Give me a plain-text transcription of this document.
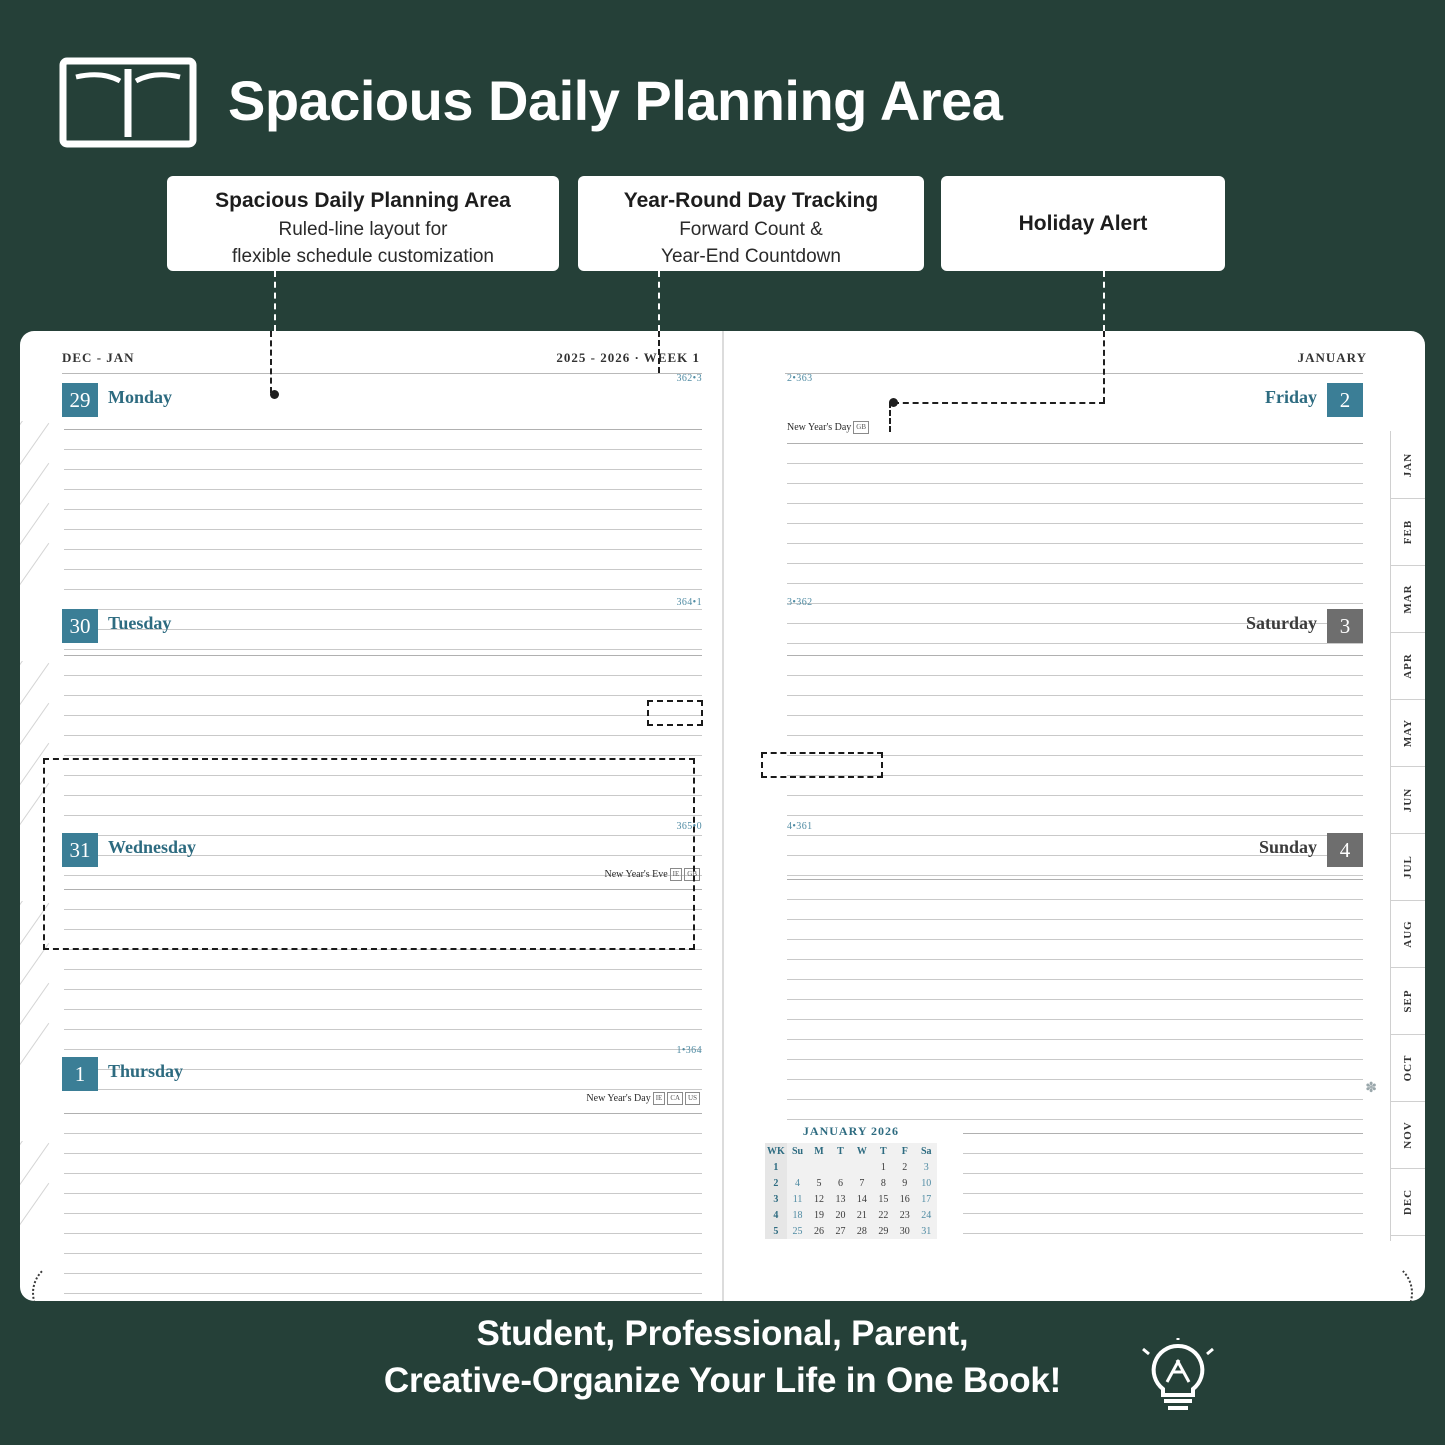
Spacious Daily Planning Area
Spacious Daily Planning Area
Ruled-line layout for
flexible schedule customization
Year-Round Day Tracking
Forward Count &
Year-End Countdown
Holiday Alert
DEC - JAN	2025 - 2026 · WEEK 1
29 Monday
362•3
364•1
30 Tuesday
365•0
31 Wednesday
New Year's Eve IE GB
1•364
1	Thursday
New Year's Day IE CA US
JANUARY
2•363
Friday	2
New Year's Day GB
3•362
Saturday	3
4•361
Sunday	4
✽
JAN
FEB
MAR
APR
MAY
JUN
JUL
AUG
SEP
OCT
NOV
DEC
JANUARY 2026
WK	Su	M	T	W	T	F	Sa
1					1	2	3
2	4	5	6	7	8	9	10
3	11	12	13	14	15	16	17
4	18	19	20	21	22	23	24
5	25	26	27	28	29	30	31
Student, Professional, Parent,
Creative-Organize Your Life in One Book!
